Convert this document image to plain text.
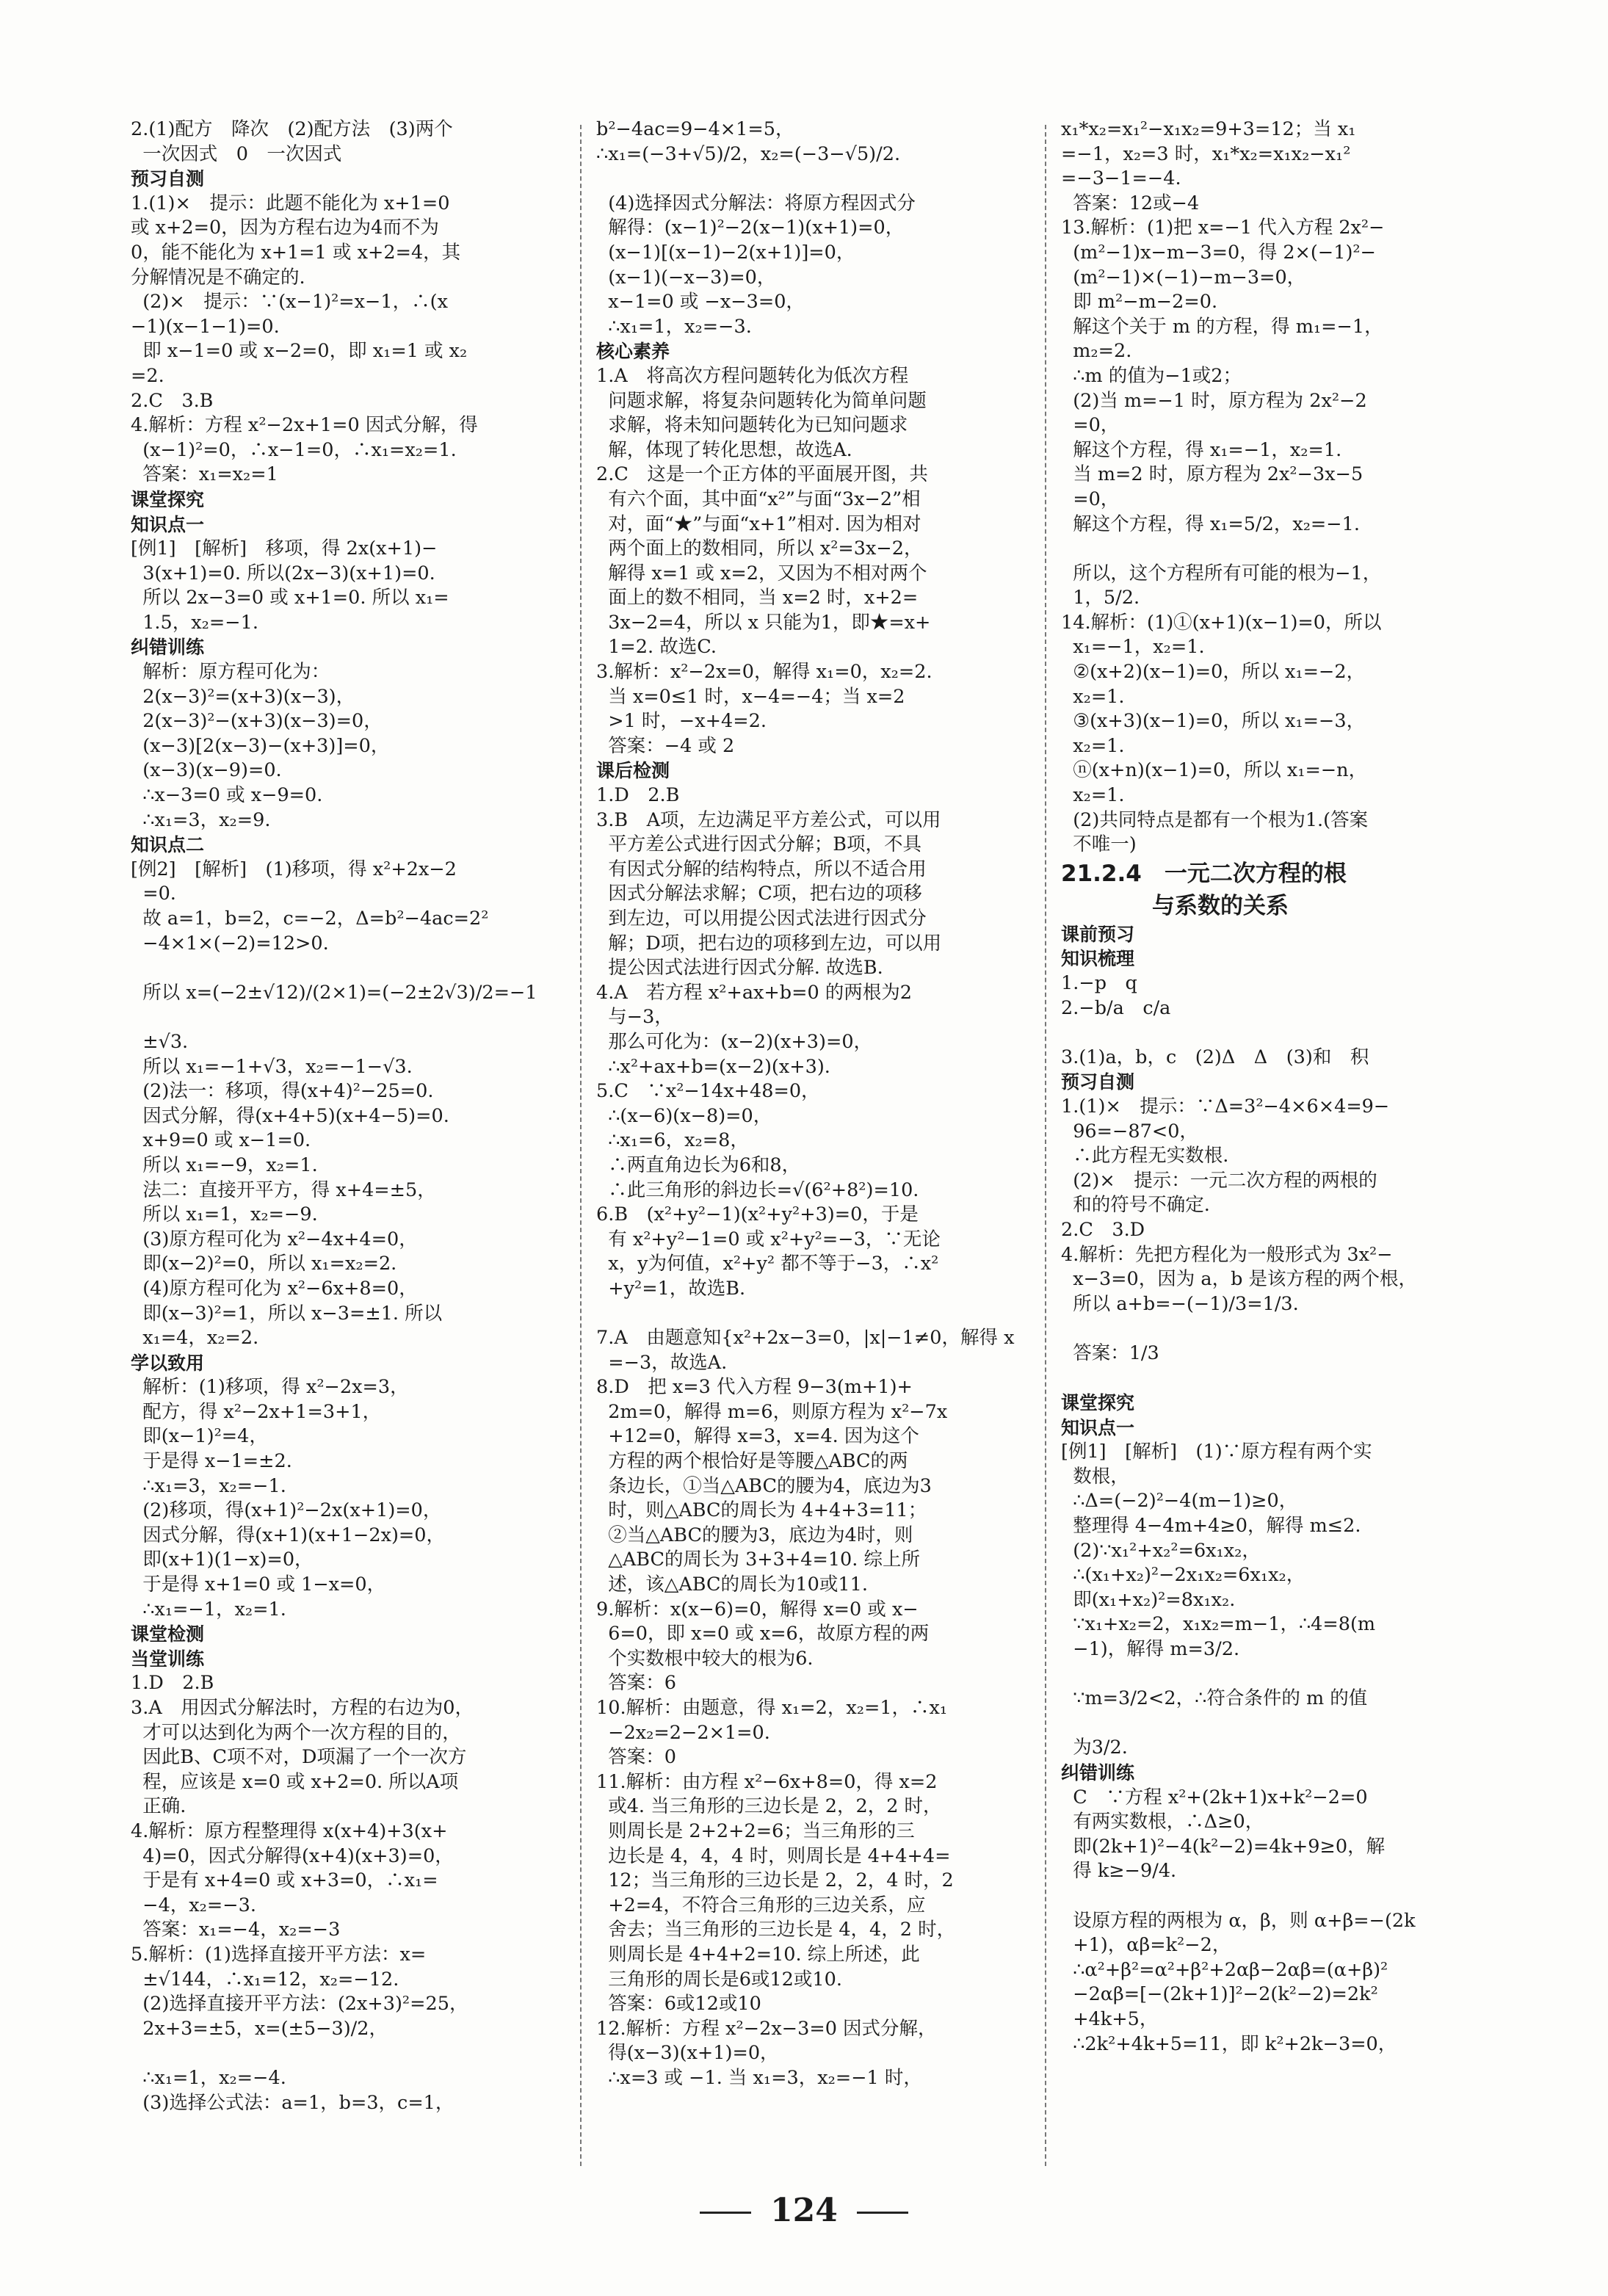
2.(1)配方　降次　(2)配方法　(3)两个
一次因式　0　一次因式
预习自测
1.(1)×　提示：此题不能化为 x+1=0
或 x+2=0，因为方程右边为4而不为
0，能不能化为 x+1=1 或 x+2=4，其
分解情况是不确定的.
(2)×　提示：∵(x−1)²=x−1，∴(x
−1)(x−1−1)=0.
即 x−1=0 或 x−2=0，即 x₁=1 或 x₂
=2.
2.C　3.B
4.解析：方程 x²−2x+1=0 因式分解，得
(x−1)²=0，∴x−1=0，∴x₁=x₂=1.
答案：x₁=x₂=1
课堂探究
知识点一
[例1]　[解析]　移项，得 2x(x+1)−
3(x+1)=0. 所以(2x−3)(x+1)=0.
所以 2x−3=0 或 x+1=0. 所以 x₁=
1.5，x₂=−1.
纠错训练
解析：原方程可化为：
2(x−3)²=(x+3)(x−3)，
2(x−3)²−(x+3)(x−3)=0，
(x−3)[2(x−3)−(x+3)]=0，
(x−3)(x−9)=0.
∴x−3=0 或 x−9=0.
∴x₁=3，x₂=9.
知识点二
[例2]　[解析]　(1)移项，得 x²+2x−2
=0.
故 a=1，b=2，c=−2，Δ=b²−4ac=2²
−4×1×(−2)=12>0.

所以 x=(−2±√12)/(2×1)=(−2±2√3)/2=−1

±√3.
所以 x₁=−1+√3，x₂=−1−√3.
(2)法一：移项，得(x+4)²−25=0.
因式分解，得(x+4+5)(x+4−5)=0.
x+9=0 或 x−1=0.
所以 x₁=−9，x₂=1.
法二：直接开平方，得 x+4=±5，
所以 x₁=1，x₂=−9.
(3)原方程可化为 x²−4x+4=0，
即(x−2)²=0，所以 x₁=x₂=2.
(4)原方程可化为 x²−6x+8=0，
即(x−3)²=1，所以 x−3=±1. 所以
x₁=4，x₂=2.
学以致用
解析：(1)移项，得 x²−2x=3，
配方，得 x²−2x+1=3+1，
即(x−1)²=4，
于是得 x−1=±2.
∴x₁=3，x₂=−1.
(2)移项，得(x+1)²−2x(x+1)=0，
因式分解，得(x+1)(x+1−2x)=0，
即(x+1)(1−x)=0，
于是得 x+1=0 或 1−x=0，
∴x₁=−1，x₂=1.
课堂检测
当堂训练
1.D　2.B
3.A　用因式分解法时，方程的右边为0，
才可以达到化为两个一次方程的目的，
因此B、C项不对，D项漏了一个一次方
程，应该是 x=0 或 x+2=0. 所以A项
正确.
4.解析：原方程整理得 x(x+4)+3(x+
4)=0，因式分解得(x+4)(x+3)=0，
于是有 x+4=0 或 x+3=0，∴x₁=
−4，x₂=−3.
答案：x₁=−4，x₂=−3
5.解析：(1)选择直接开平方法：x=
±√144，∴x₁=12，x₂=−12.
(2)选择直接开平方法：(2x+3)²=25，
2x+3=±5，x=(±5−3)/2，

∴x₁=1，x₂=−4.
(3)选择公式法：a=1，b=3，c=1，
b²−4ac=9−4×1=5，
∴x₁=(−3+√5)/2，x₂=(−3−√5)/2.

(4)选择因式分解法：将原方程因式分
解得：(x−1)²−2(x−1)(x+1)=0，
(x−1)[(x−1)−2(x+1)]=0，
(x−1)(−x−3)=0，
x−1=0 或 −x−3=0，
∴x₁=1，x₂=−3.
核心素养
1.A　将高次方程问题转化为低次方程
问题求解，将复杂问题转化为简单问题
求解，将未知问题转化为已知问题求
解，体现了转化思想，故选A.
2.C　这是一个正方体的平面展开图，共
有六个面，其中面“x²”与面“3x−2”相
对，面“★”与面“x+1”相对. 因为相对
两个面上的数相同，所以 x²=3x−2，
解得 x=1 或 x=2，又因为不相对两个
面上的数不相同，当 x=2 时，x+2=
3x−2=4，所以 x 只能为1，即★=x+
1=2. 故选C.
3.解析：x²−2x=0，解得 x₁=0，x₂=2.
当 x=0≤1 时，x−4=−4；当 x=2
>1 时，−x+4=2.
答案：−4 或 2
课后检测
1.D　2.B
3.B　A项，左边满足平方差公式，可以用
平方差公式进行因式分解；B项，不具
有因式分解的结构特点，所以不适合用
因式分解法求解；C项，把右边的项移
到左边，可以用提公因式法进行因式分
解；D项，把右边的项移到左边，可以用
提公因式法进行因式分解. 故选B.
4.A　若方程 x²+ax+b=0 的两根为2
与−3，
那么可化为：(x−2)(x+3)=0，
∴x²+ax+b=(x−2)(x+3).
5.C　∵x²−14x+48=0，
∴(x−6)(x−8)=0，
∴x₁=6，x₂=8，
∴两直角边长为6和8，
∴此三角形的斜边长=√(6²+8²)=10.
6.B　(x²+y²−1)(x²+y²+3)=0，于是
有 x²+y²−1=0 或 x²+y²=−3，∵无论
x，y为何值，x²+y² 都不等于−3，∴x²
+y²=1，故选B.

7.A　由题意知{x²+2x−3=0，|x|−1≠0，解得 x
=−3，故选A.
8.D　把 x=3 代入方程 9−3(m+1)+
2m=0，解得 m=6，则原方程为 x²−7x
+12=0，解得 x=3，x=4. 因为这个
方程的两个根恰好是等腰△ABC的两
条边长，①当△ABC的腰为4，底边为3
时，则△ABC的周长为 4+4+3=11；
②当△ABC的腰为3，底边为4时，则
△ABC的周长为 3+3+4=10. 综上所
述，该△ABC的周长为10或11.
9.解析：x(x−6)=0，解得 x=0 或 x−
6=0，即 x=0 或 x=6，故原方程的两
个实数根中较大的根为6.
答案：6
10.解析：由题意，得 x₁=2，x₂=1，∴x₁
−2x₂=2−2×1=0.
答案：0
11.解析：由方程 x²−6x+8=0，得 x=2
或4. 当三角形的三边长是 2，2，2 时，
则周长是 2+2+2=6；当三角形的三
边长是 4，4，4 时，则周长是 4+4+4=
12；当三角形的三边长是 2，2，4 时，2
+2=4，不符合三角形的三边关系，应
舍去；当三角形的三边长是 4，4，2 时，
则周长是 4+4+2=10. 综上所述，此
三角形的周长是6或12或10.
答案：6或12或10
12.解析：方程 x²−2x−3=0 因式分解，
得(x−3)(x+1)=0，
∴x=3 或 −1. 当 x₁=3，x₂=−1 时，
x₁*x₂=x₁²−x₁x₂=9+3=12；当 x₁
=−1，x₂=3 时，x₁*x₂=x₁x₂−x₁²
=−3−1=−4.
答案：12或−4
13.解析：(1)把 x=−1 代入方程 2x²−
(m²−1)x−m−3=0，得 2×(−1)²−
(m²−1)×(−1)−m−3=0，
即 m²−m−2=0.
解这个关于 m 的方程，得 m₁=−1，
m₂=2.
∴m 的值为−1或2；
(2)当 m=−1 时，原方程为 2x²−2
=0，
解这个方程，得 x₁=−1，x₂=1.
当 m=2 时，原方程为 2x²−3x−5
=0，
解这个方程，得 x₁=5/2，x₂=−1.

所以，这个方程所有可能的根为−1，
1，5/2.
14.解析：(1)①(x+1)(x−1)=0，所以
x₁=−1，x₂=1.
②(x+2)(x−1)=0，所以 x₁=−2，
x₂=1.
③(x+3)(x−1)=0，所以 x₁=−3，
x₂=1.
ⓝ(x+n)(x−1)=0，所以 x₁=−n，
x₂=1.
(2)共同特点是都有一个根为1.(答案
不唯一)
21.2.4　一元二次方程的根
　　　　与系数的关系
课前预习
知识梳理
1.−p　q
2.−b/a　c/a

3.(1)a，b，c　(2)Δ　Δ　(3)和　积
预习自测
1.(1)×　提示：∵Δ=3²−4×6×4=9−
96=−87<0，
∴此方程无实数根.
(2)×　提示：一元二次方程的两根的
和的符号不确定.
2.C　3.D
4.解析：先把方程化为一般形式为 3x²−
x−3=0，因为 a，b 是该方程的两个根，
所以 a+b=−(−1)/3=1/3.

答案：1/3

课堂探究
知识点一
[例1]　[解析]　(1)∵原方程有两个实
数根，
∴Δ=(−2)²−4(m−1)≥0，
整理得 4−4m+4≥0，解得 m≤2.
(2)∵x₁²+x₂²=6x₁x₂，
∴(x₁+x₂)²−2x₁x₂=6x₁x₂，
即(x₁+x₂)²=8x₁x₂.
∵x₁+x₂=2，x₁x₂=m−1，∴4=8(m
−1)，解得 m=3/2.

∵m=3/2<2，∴符合条件的 m 的值

为3/2.
纠错训练
C　∵方程 x²+(2k+1)x+k²−2=0
有两实数根，∴Δ≥0，
即(2k+1)²−4(k²−2)=4k+9≥0，解
得 k≥−9/4.

设原方程的两根为 α，β，则 α+β=−(2k
+1)，αβ=k²−2，
∴α²+β²=α²+β²+2αβ−2αβ=(α+β)²
−2αβ=[−(2k+1)]²−2(k²−2)=2k²
+4k+5，
∴2k²+4k+5=11，即 k²+2k−3=0，
124
